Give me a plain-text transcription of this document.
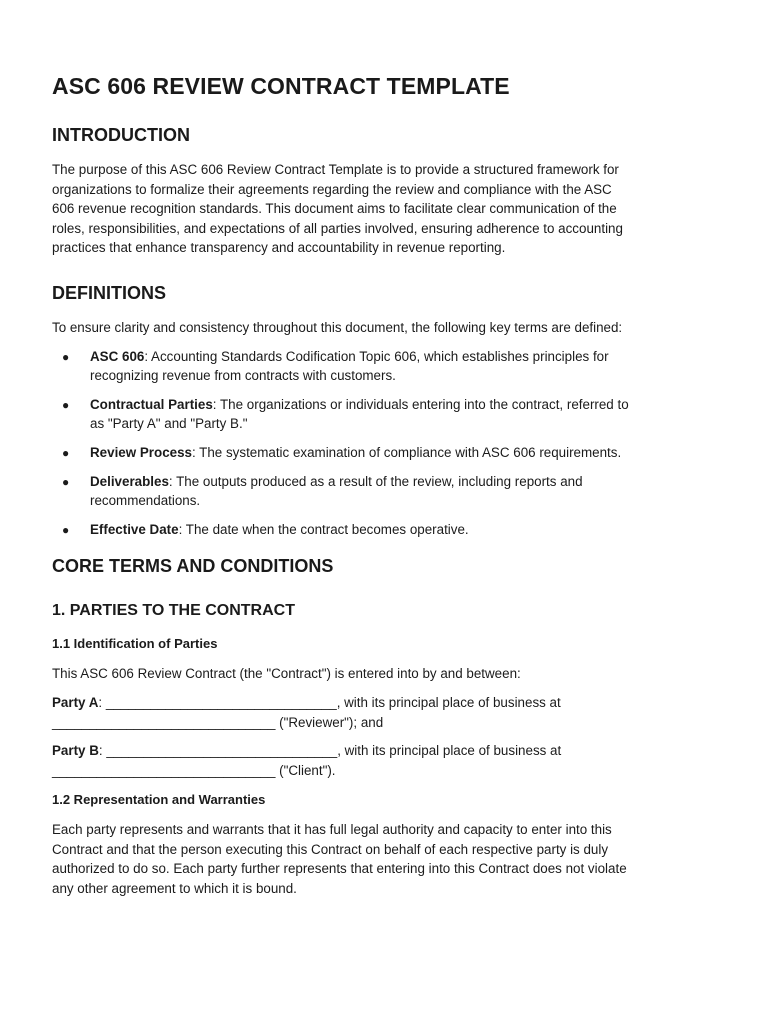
ASC 606 REVIEW CONTRACT TEMPLATE
INTRODUCTION

The purpose of this ASC 606 Review Contract Template is to provide a structured framework for
organizations to formalize their agreements regarding the review and compliance with the ASC
606 revenue recognition standards. This document aims to facilitate clear communication of the
roles, responsibilities, and expectations of all parties involved, ensuring adherence to accounting
practices that enhance transparency and accountability in revenue reporting.

DEFINITIONS

To ensure clarity and consistency throughout this document, the following key terms are defined:

● ASC 606: Accounting Standards Codification Topic 606, which establishes principles for
recognizing revenue from contracts with customers.
● Contractual Parties: The organizations or individuals entering into the contract, referred to
as "Party A" and "Party B."
● Review Process: The systematic examination of compliance with ASC 606 requirements.
● Deliverables: The outputs produced as a result of the review, including reports and
recommendations.
● Effective Date: The date when the contract becomes operative.
CORE TERMS AND CONDITIONS
1. PARTIES TO THE CONTRACT
1.1 Identification of Parties

This ASC 606 Review Contract (the "Contract") is entered into by and between:

Party A: _______________________________, with its principal place of business at
______________________________ ("Reviewer"); and

Party B: _______________________________, with its principal place of business at
______________________________ ("Client").

1.2 Representation and Warranties

Each party represents and warrants that it has full legal authority and capacity to enter into this
Contract and that the person executing this Contract on behalf of each respective party is duly
authorized to do so. Each party further represents that entering into this Contract does not violate
any other agreement to which it is bound.
